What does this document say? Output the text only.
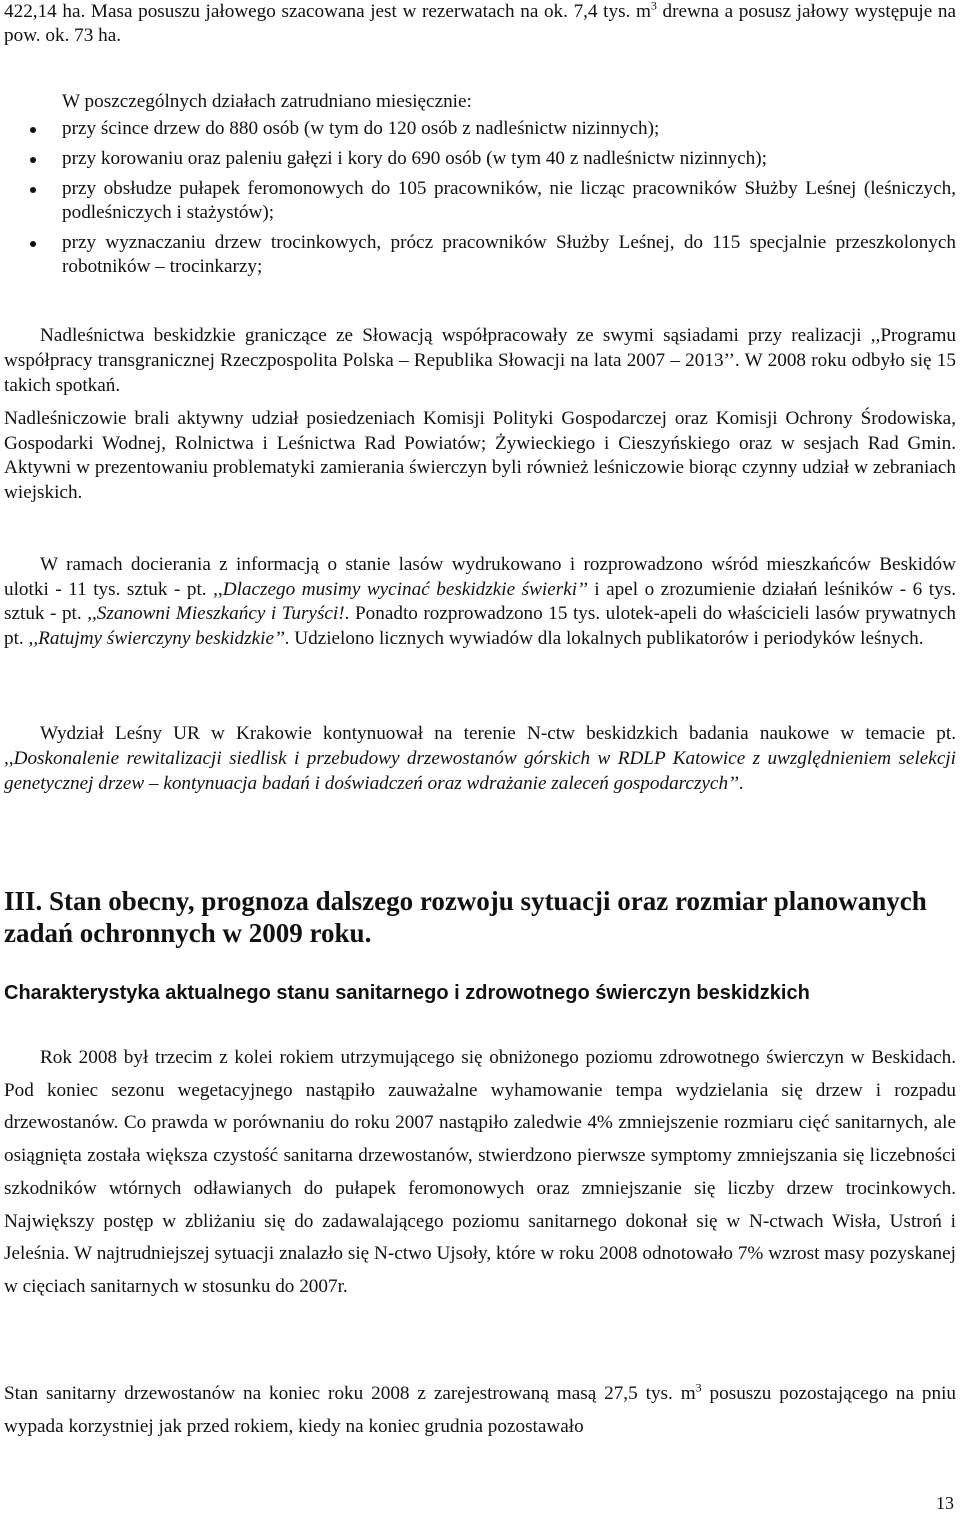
422,14 ha. Masa posuszu jałowego szacowana jest w rezerwatach na ok. 7,4 tys. $m^3$ drewna a posusz jałowy występuje na pow. ok. 73 ha.

W poszczególnych działach zatrudniano miesięcznie:

przy ścince drzew do 880 osób (w tym do 120 osób z nadleśnictw nizinnych);
przy korowaniu oraz paleniu gałęzi i kory do 690 osób (w tym 40 z nadleśnictw nizinnych);
przy obsłudze pułapek feromonowych do 105 pracowników, nie licząc pracowników Służby Leśnej (leśniczych, podleśniczych i stażystów);
przy wyznaczaniu drzew trocinkowych, prócz pracowników Służby Leśnej, do 115 specjalnie przeszkolonych robotników – trocinkarzy;

Nadleśnictwa beskidzkie graniczące ze Słowacją współpracowały ze swymi sąsiadami przy realizacji ,,Programu współpracy transgranicznej Rzeczpospolita Polska – Republika Słowacji na lata 2007 – 2013’’. W 2008 roku odbyło się 15 takich spotkań.

Nadleśniczowie brali aktywny udział posiedzeniach Komisji Polityki Gospodarczej oraz Komisji Ochrony Środowiska, Gospodarki Wodnej, Rolnictwa i Leśnictwa Rad Powiatów; Żywieckiego i Cieszyńskiego oraz w sesjach Rad Gmin. Aktywni w prezentowaniu problematyki zamierania świerczyn byli również leśniczowie biorąc czynny udział w zebraniach wiejskich.

W ramach docierania z informacją o stanie lasów wydrukowano i rozprowadzono wśród mieszkańców Beskidów ulotki - 11 tys. sztuk - pt. ,,Dlaczego musimy wycinać beskidzkie świerki’’ i apel o zrozumienie działań leśników - 6 tys. sztuk - pt. ,,Szanowni Mieszkańcy i Turyści!. Ponadto rozprowadzono 15 tys. ulotek-apeli do właścicieli lasów prywatnych pt. ,,Ratujmy świerczyny beskidzkie’’. Udzielono licznych wywiadów dla lokalnych publikatorów i periodyków leśnych.

Wydział Leśny UR w Krakowie kontynuował na terenie N-ctw beskidzkich badania naukowe w temacie pt. ,,Doskonalenie rewitalizacji siedlisk i przebudowy drzewostanów górskich w RDLP Katowice z uwzględnieniem selekcji genetycznej drzew – kontynuacja badań i doświadczeń oraz wdrażanie zaleceń gospodarczych’’.

III. Stan obecny, prognoza dalszego rozwoju sytuacji oraz rozmiar planowanych zadań ochronnych w 2009 roku.
Charakterystyka aktualnego stanu sanitarnego i zdrowotnego świerczyn beskidzkich

Rok 2008 był trzecim z kolei rokiem utrzymującego się obniżonego poziomu zdrowotnego świerczyn w Beskidach. Pod koniec sezonu wegetacyjnego nastąpiło zauważalne wyhamowanie tempa wydzielania się drzew i rozpadu drzewostanów. Co prawda w porównaniu do roku 2007 nastąpiło zaledwie 4% zmniejszenie rozmiaru cięć sanitarnych, ale osiągnięta została większa czystość sanitarna drzewostanów, stwierdzono pierwsze symptomy zmniejszania się liczebności szkodników wtórnych odławianych do pułapek feromonowych oraz zmniejszanie się liczby drzew trocinkowych. Największy postęp w zbliżaniu się do zadawalającego poziomu sanitarnego dokonał się w N-ctwach Wisła, Ustroń i Jeleśnia. W najtrudniejszej sytuacji znalazło się N-ctwo Ujsoły, które w roku 2008 odnotowało 7% wzrost masy pozyskanej w cięciach sanitarnych w stosunku do 2007r.

Stan sanitarny drzewostanów na koniec roku 2008 z zarejestrowaną masą 27,5 tys. $m^3$ posuszu pozostającego na pniu wypada korzystniej jak przed rokiem, kiedy na koniec grudnia pozostawało

13
